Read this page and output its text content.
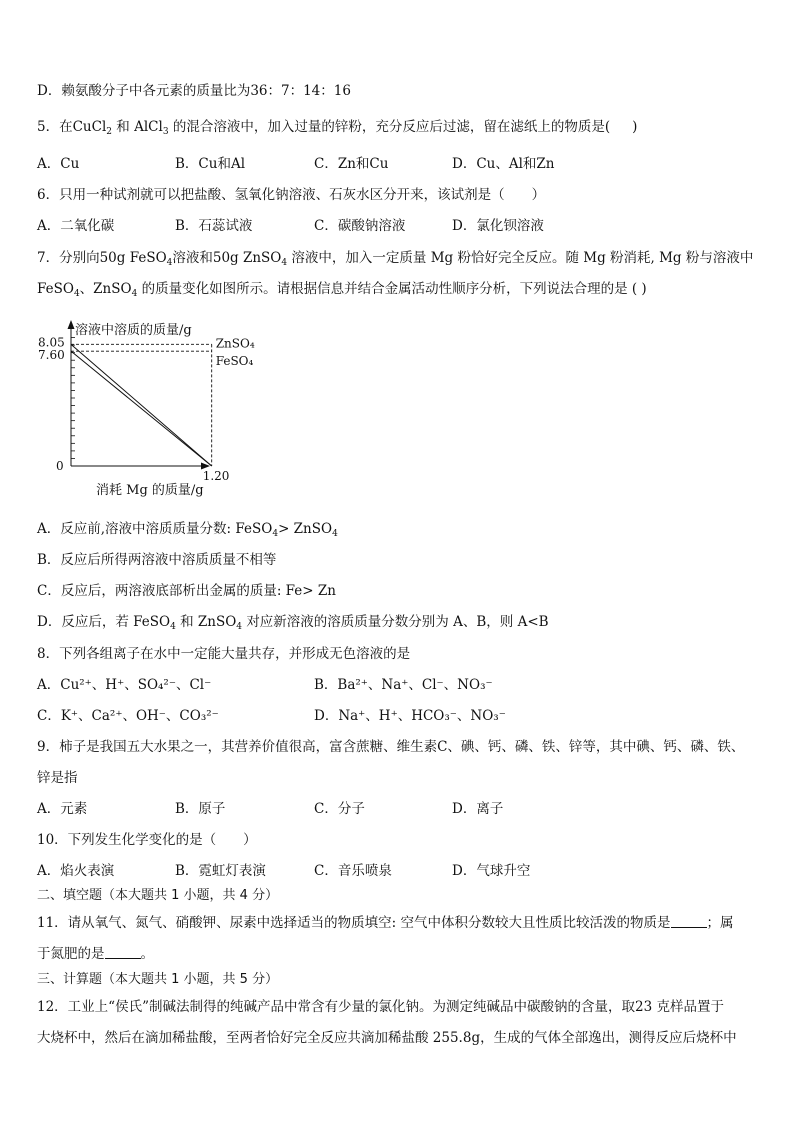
D．赖氨酸分子中各元素的质量比为36：7：14：16
5．在CuCl$_2$ 和 AlCl$_3$ 的混合溶液中，加入过量的锌粉，充分反应后过滤，留在滤纸上的物质是( )
A．Cu	B．Cu和Al	C．Zn和Cu	D．Cu、Al和Zn
6．只用一种试剂就可以把盐酸、氢氧化钠溶液、石灰水区分开来，该试剂是（　　）
A．二氧化碳	B．石蕊试液	C．碳酸钠溶液	D．氯化钡溶液
7．分别向50g FeSO$_4$溶液和50g ZnSO$_4$ 溶液中，加入一定质量 Mg 粉恰好完全反应。随 Mg 粉消耗, Mg 粉与溶液中
FeSO$_4$、ZnSO$_4$ 的质量变化如图所示。请根据信息并结合金属活动性顺序分析，下列说法合理的是 ( )
溶液中溶质的质量/g
消耗 Mg 的质量/g
0
8.05	ZnSO₄
7.60	FeSO₄
1.20
A．反应前,溶液中溶质质量分数: FeSO$_4$> ZnSO$_4$
B．反应后所得两溶液中溶质质量不相等
C．反应后，两溶液底部析出金属的质量: Fe> Zn
D．反应后，若 FeSO$_4$ 和 ZnSO$_4$ 对应新溶液的溶质质量分数分别为 A、B，则 A<B
8．下列各组离子在水中一定能大量共存，并形成无色溶液的是
A．Cu²⁺、H⁺、SO₄²⁻、Cl⁻	B．Ba²⁺、Na⁺、Cl⁻、NO₃⁻
C．K⁺、Ca²⁺、OH⁻、CO₃²⁻	D．Na⁺、H⁺、HCO₃⁻、NO₃⁻
9．柿子是我国五大水果之一，其营养价值很高，富含蔗糖、维生素C、碘、钙、磷、铁、锌等，其中碘、钙、磷、铁、
锌是指
A．元素	B．原子	C．分子	D．离子
10．下列发生化学变化的是（　　）
A．焰火表演	B．霓虹灯表演	C．音乐喷泉	D．气球升空
二、填空题（本大题共 1 小题，共 4 分）
11．请从氧气、氮气、硝酸钾、尿素中选择适当的物质填空: 空气中体积分数较大且性质比较活泼的物质是	；属
于氮肥的是	。
三、计算题（本大题共 1 小题，共 5 分）
12．工业上“侯氏”制碱法制得的纯碱产品中常含有少量的氯化钠。为测定纯碱品中碳酸钠的含量，取23 克样品置于
大烧杯中，然后在滴加稀盐酸，至两者恰好完全反应共滴加稀盐酸 255.8g，生成的气体全部逸出，测得反应后烧杯中
